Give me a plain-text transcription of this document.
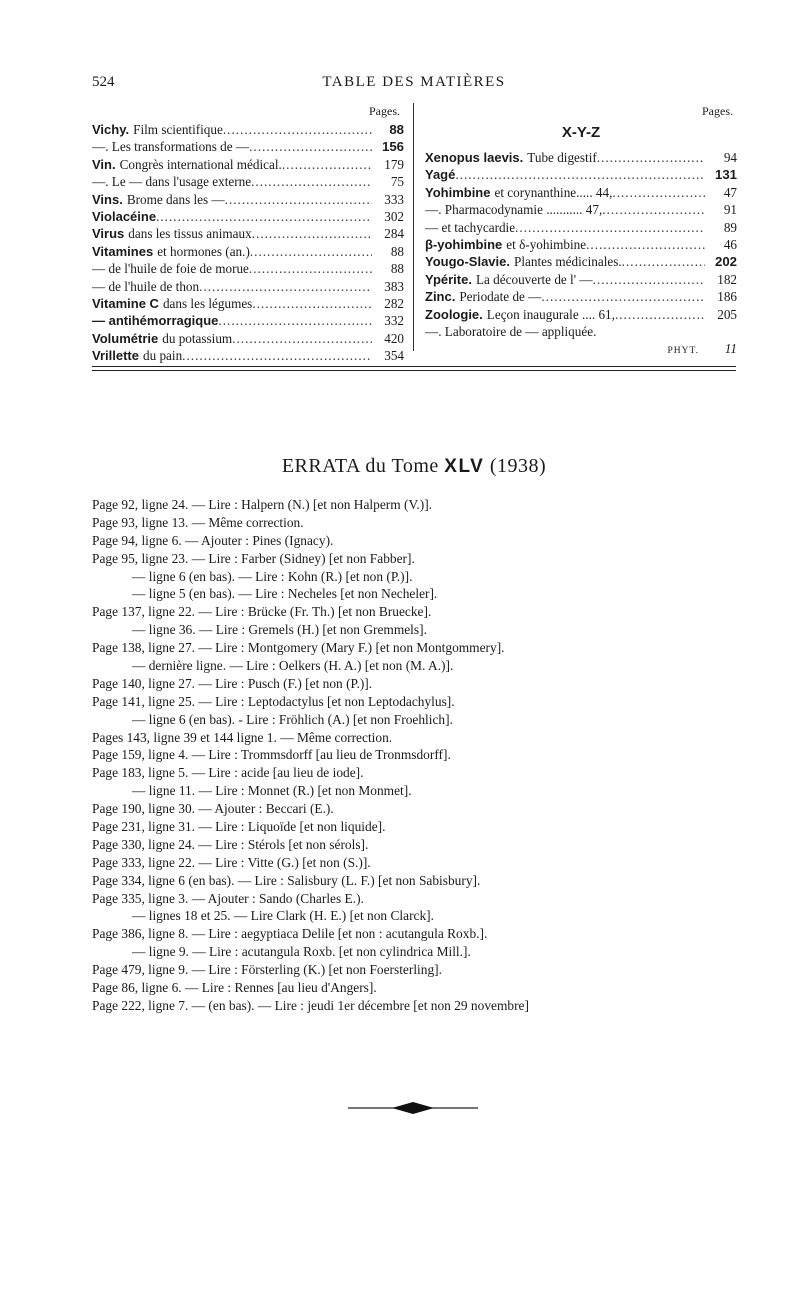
524	TABLE DES MATIÈRES
Pages.
Vichy. Film scientifique .....	88
—. Les transformations de — .....	156
Vin. Congrès international médical. .....	179
—. Le — dans l'usage externe .....	75
Vins. Brome dans les — .....	333
Violacéine .....	302
Virus dans les tissus animaux .....	284
Vitamines et hormones (an.) .....	88
— de l'huile de foie de morue .....	88
— de l'huile de thon .....	383
Vitamine C dans les légumes .....	282
— antihémorragique .....	332
Volumétrie du potassium .....	420
Vrillette du pain .....	354
Pages.
X-Y-Z
Xenopus laevis. Tube digestif .....	94
Yagé .....	131
Yohimbine et corynanthine..... 44, .....	47
—. Pharmacodynamie ........... 47, .....	91
— et tachycardie .....	89
β-yohimbine et δ-yohimbine .....	46
Yougo-Slavie. Plantes médicinales. .....	202
Ypérite. La découverte de l' — .....	182
Zinc. Periodate de — .....	186
Zoologie. Leçon inaugurale .... 61, .....	205
—. Laboratoire de — appliquée.
PHYT.	11
ERRATA du Tome XLV (1938)
Page 92, ligne 24. — Lire : Halpern (N.) [et non Halperm (V.)].
Page 93, ligne 13. — Même correction.
Page 94, ligne 6. — Ajouter : Pines (Ignacy).
Page 95, ligne 23. — Lire : Farber (Sidney) [et non Fabber].
— ligne 6 (en bas). — Lire : Kohn (R.) [et non (P.)].
— ligne 5 (en bas). — Lire : Necheles [et non Necheler].
Page 137, ligne 22. — Lire : Brücke (Fr. Th.) [et non Bruecke].
— ligne 36. — Lire : Gremels (H.) [et non Gremmels].
Page 138, ligne 27. — Lire : Montgomery (Mary F.) [et non Montgommery].
— dernière ligne. — Lire : Oelkers (H. A.) [et non (M. A.)].
Page 140, ligne 27. — Lire : Pusch (F.) [et non (P.)].
Page 141, ligne 25. — Lire : Leptodactylus [et non Leptodachylus].
— ligne 6 (en bas). - Lire : Fröhlich (A.) [et non Froehlich].
Pages 143, ligne 39 et 144 ligne 1. — Même correction.
Page 159, ligne 4. — Lire : Trommsdorff [au lieu de Tronmsdorff].
Page 183, ligne 5. — Lire : acide [au lieu de iode].
— ligne 11. — Lire : Monnet (R.) [et non Monmet].
Page 190, ligne 30. — Ajouter : Beccari (E.).
Page 231, ligne 31. — Lire : Liquoïde [et non liquide].
Page 330, ligne 24. — Lire : Stérols [et non sérols].
Page 333, ligne 22. — Lire : Vitte (G.) [et non (S.)].
Page 334, ligne 6 (en bas). — Lire : Salisbury (L. F.) [et non Sabisbury].
Page 335, ligne 3. — Ajouter : Sando (Charles E.).
— lignes 18 et 25. — Lire Clark (H. E.) [et non Clarck].
Page 386, ligne 8. — Lire : aegyptiaca Delile [et non : acutangula Roxb.].
— ligne 9. — Lire : acutangula Roxb. [et non cylindrica Mill.].
Page 479, ligne 9. — Lire : Försterling (K.) [et non Foersterling].
Page 86, ligne 6. — Lire : Rennes [au lieu d'Angers].
Page 222, ligne 7. — (en bas). — Lire : jeudi 1er décembre [et non 29 novembre]
